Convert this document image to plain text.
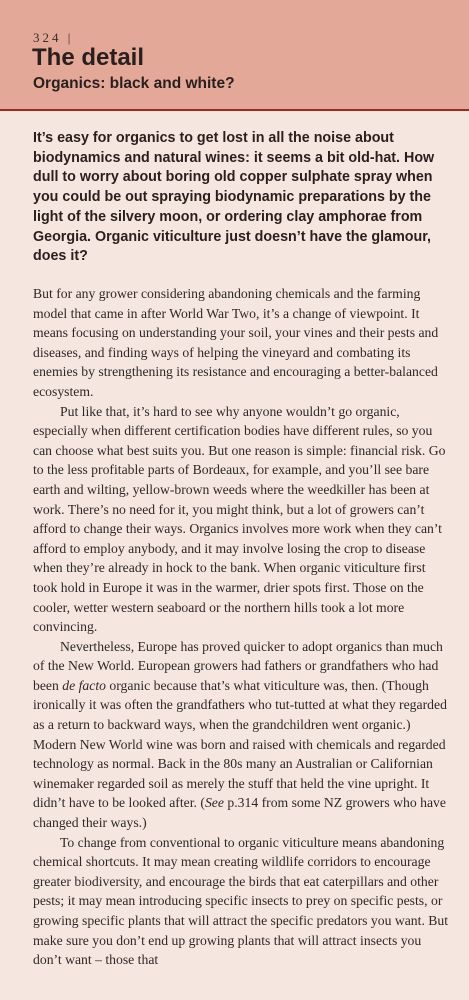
324 |
The detail
Organics: black and white?

It’s easy for organics to get lost in all the noise about biodynamics and natural wines: it seems a bit old-hat. How dull to worry about boring old copper sulphate spray when you could be out spraying biodynamic preparations by the light of the silvery moon, or ordering clay amphorae from Georgia. Organic viticulture just doesn’t have the glamour, does it?

But for any grower considering abandoning chemicals and the farming model that came in after World War Two, it’s a change of viewpoint. It means focusing on understanding your soil, your vines and their pests and diseases, and finding ways of helping the vineyard and combating its enemies by strengthening its resistance and encouraging a better-balanced ecosystem.

Put like that, it’s hard to see why anyone wouldn’t go organic, especially when different certification bodies have different rules, so you can choose what best suits you. But one reason is simple: financial risk. Go to the less profitable parts of Bordeaux, for example, and you’ll see bare earth and wilting, yellow-brown weeds where the weedkiller has been at work. There’s no need for it, you might think, but a lot of growers can’t afford to change their ways. Organics involves more work when they can’t afford to employ anybody, and it may involve losing the crop to disease when they’re already in hock to the bank. When organic viticulture first took hold in Europe it was in the warmer, drier spots first. Those on the cooler, wetter western seaboard or the northern hills took a lot more convincing.

Nevertheless, Europe has proved quicker to adopt organics than much of the New World. European growers had fathers or grandfathers who had been de facto organic because that’s what viticulture was, then. (Though ironically it was often the grandfathers who tut-tutted at what they regarded as a return to backward ways, when the grandchildren went organic.) Modern New World wine was born and raised with chemicals and regarded technology as normal. Back in the 80s many an Australian or Californian winemaker regarded soil as merely the stuff that held the vine upright. It didn’t have to be looked after. (See p.314 from some NZ growers who have changed their ways.)

To change from conventional to organic viticulture means abandoning chemical shortcuts. It may mean creating wildlife corridors to encourage greater biodiversity, and encourage the birds that eat caterpillars and other pests; it may mean introducing specific insects to prey on specific pests, or growing specific plants that will attract the specific predators you want. But make sure you don’t end up growing plants that will attract insects you don’t want – those that
